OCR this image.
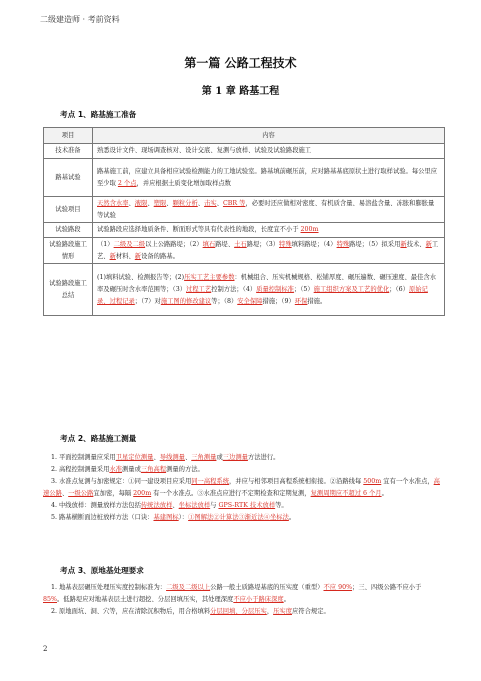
二级建造师 · 考前资料
第一篇 公路工程技术
第 1 章 路基工程
考点 1、路基施工准备
项目	内容
技术准备	熟悉设计文件、现场调查核对、设计交底、复测与放样、试验及试验路段施工
路基试验	路基施工前，应建立具备相应试验检测能力的工地试验室。路基填前碾压前，应对路基基底原状土进行取样试验。每公里应至少取 2 个点，并应根据土质变化增加取样点数
试验项目	天然含水率、液限、塑限、颗粒分析、击实、CBR 等，必要时还应做相对密度、有机质含量、易溶盐含量、冻胀和膨胀量等试验
试验路段	试验路段应选择地质条件、断面形式等具有代表性的地段，长度宜不小于 200m
试验路段施工情形	（1）二级及二级以上公路路堤；（2）填石路堤、土石路堤；（3）特殊填料路堤；（4）特殊路堤；（5）拟采用新技术、新工艺、新材料、新设备的路基。
试验路段施工总结	(1)填料试验、检测报告等；(2)压实工艺主要参数：机械组合、压实机械规格、松铺厚度、碾压遍数、碾压速度、最佳含水率及碾压时含水率范围等；（3）过程工艺控制方法；（4）质量控制标准；（5）施工组织方案及工艺的优化；（6）原始记录、过程记录；（7）对施工图的修改建议等；（8）安全保障措施；（9）环保措施。
考点 2、路基施工测量
1. 平面控制测量应采用卫星定位测量、导线测量、三角测量或三边测量方法进行。
2. 高程控制测量采用水准测量或三角高程测量的方法。
3. 水准点复测与加密规定：①同一建设项目应采用同一高程系统，并应与相邻项目高程系统相衔接。②沿路线每 500m 宜有一个水准点，高速公路、一级公路宜加密，每隔 200m 有一个水准点。③水准点应进行不定期检查和定期复测，复测周期应不超过 6 个月。
4. 中线放样：测量放样方法包括传统法放样、坐标法放样与 GPS-RTK 技术放样等。
5. 路基横断面边桩放样方法（口诀：基建图标）：①图解法②计算法③渐近法④坐标法。
考点 3、原地基处理要求
1. 地基表层碾压处理压实度控制标准为：二级及二级以上公路一般土质路堤基底的压实度（重型）不应 90%；三、四级公路不应小于 85%。低路堤应对地基表层土进行超挖、分层回填压实，其处理深度不应小于路床深度。
2. 原地面坑、洞、穴等，应在清除沉积物后，用合格填料分层回填、分层压实，压实度应符合规定。
2
